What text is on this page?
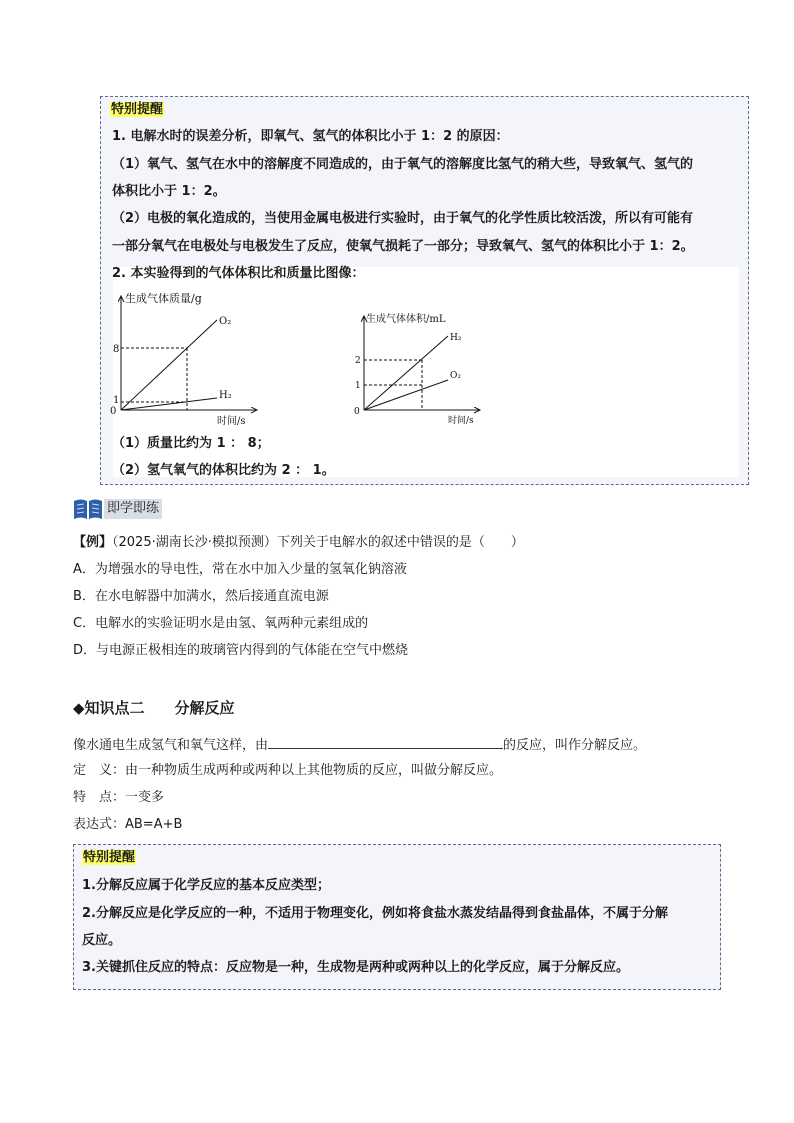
特别提醒
1. 电解水时的误差分析，即氧气、氢气的体积比小于 1：2 的原因：
（1）氧气、氢气在水中的溶解度不同造成的，由于氧气的溶解度比氢气的稍大些，导致氧气、氢气的
体积比小于 1：2。
（2）电极的氧化造成的，当使用金属电极进行实验时，由于氧气的化学性质比较活泼，所以有可能有
一部分氧气在电极处与电极发生了反应，使氧气损耗了一部分；导致氧气、氢气的体积比小于 1：2。
2. 本实验得到的气体体积比和质量比图像：
生成气体质量/g
时间/s
0
1
8
O₂
H₂
生成气体体积/mL
时间/s
0
1
2
H₂
O₂
（1）质量比约为 1 ： 8；
（2）氢气氧气的体积比约为 2 ： 1。
即学即练
【例】（2025·湖南长沙·模拟预测）下列关于电解水的叙述中错误的是（　　）
A．为增强水的导电性，常在水中加入少量的氢氧化钠溶液
B．在水电解器中加满水，然后接通直流电源
C．电解水的实验证明水是由氢、氧两种元素组成的
D．与电源正极相连的玻璃管内得到的气体能在空气中燃烧
◆知识点二　　分解反应
像水通电生成氢气和氧气这样，由	的反应，叫作分解反应。
定　义：由一种物质生成两种或两种以上其他物质的反应，叫做分解反应。
特　点：一变多
表达式：AB=A+B
特别提醒
1.分解反应属于化学反应的基本反应类型；
2.分解反应是化学反应的一种，不适用于物理变化，例如将食盐水蒸发结晶得到食盐晶体，不属于分解
反应。
3.关键抓住反应的特点：反应物是一种，生成物是两种或两种以上的化学反应，属于分解反应。
